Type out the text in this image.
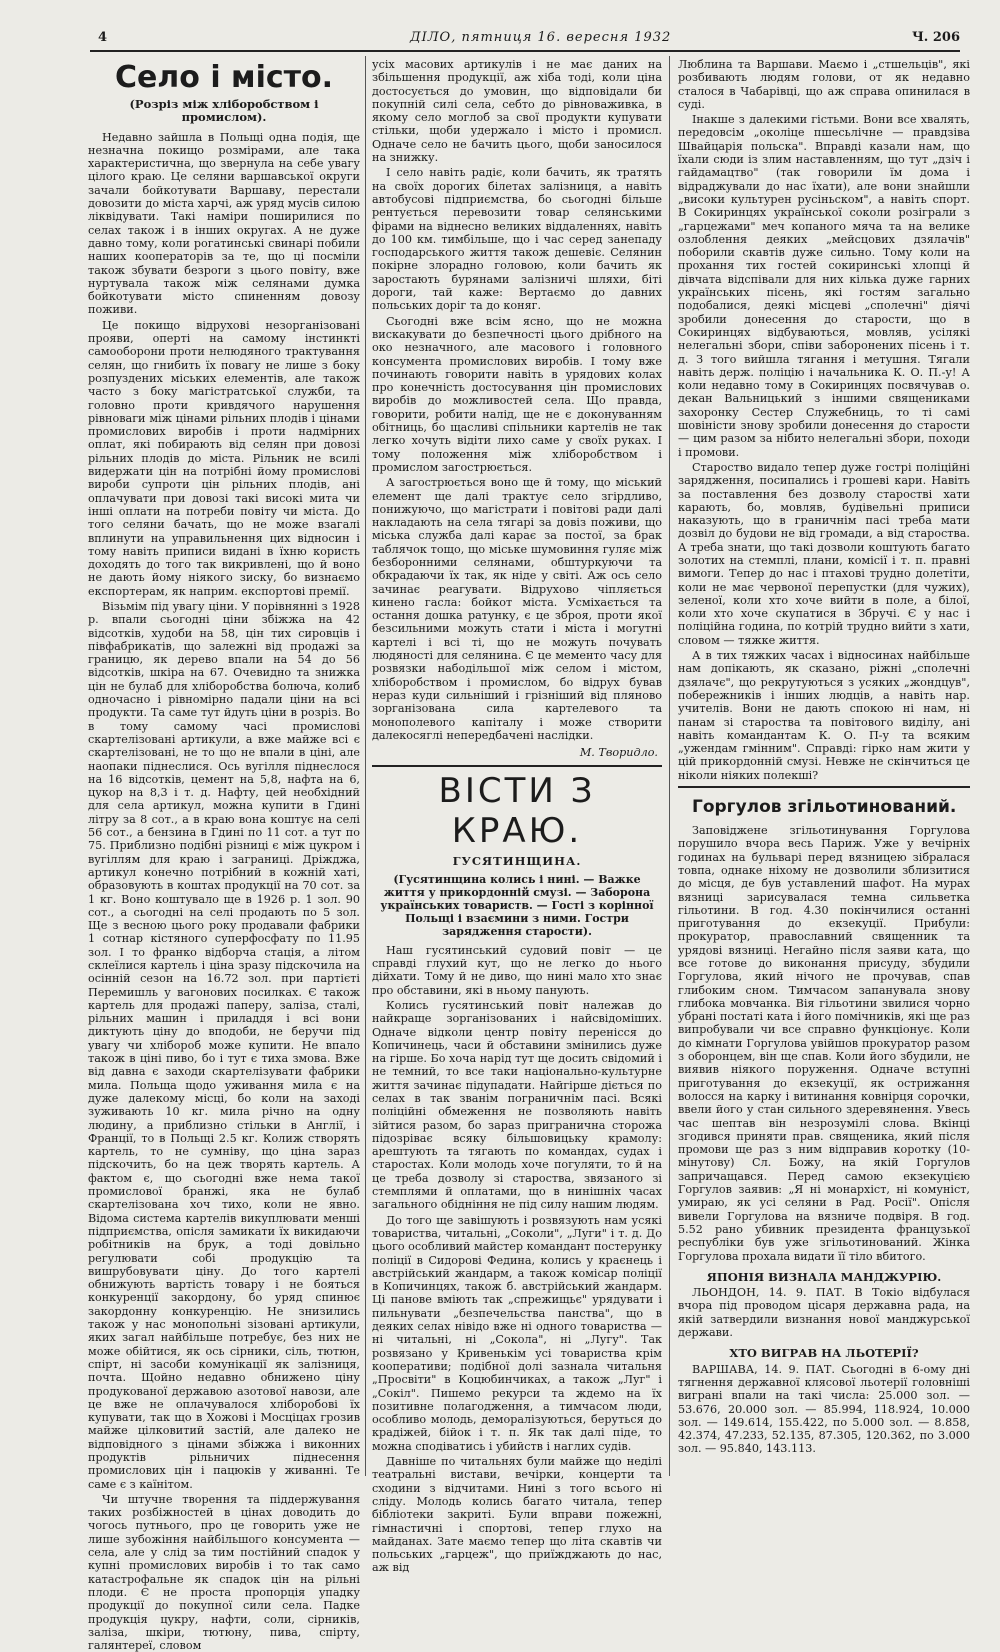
4	ДІЛО, пятниця 16. вересня 1932	Ч. 206
Село і місто.
(Розріз між хліборобством і промислом).

Недавно зайшла в Польщі одна подія, ще незначна покищо розмірами, але така характеристична, що звернула на себе увагу цілого краю. Це селяни варшавської округи зачали бойкотувати Варшаву, перестали довозити до міста харчі, аж уряд мусів силою ліквідувати. Такі наміри поширилися по селах також і в інших округах. А не дуже давно тому, коли рогатинські свинарі побили наших кооператорів за те, що ці посміли також збувати безроги з цього повіту, вже нуртувала також між селянами думка бойкотувати місто спиненням довозу поживи.

Це покищо відрухові незорганізовані прояви, оперті на самому інстинкті самооборони проти нелюдяного трактування селян, що гнибить їх повагу не лише з боку розпуздених міських елементів, але також часто з боку магістратської служби, та головно проти кривдячого нарушення рівноваги між цінами рільних плодів і цінами промислових виробів і проти надмірних оплат, які побирають від селян при довозі рільних плодів до міста. Рільник не всилі видержати цін на потрібні йому промислові вироби супроти цін рільних плодів, ані оплачувати при довозі такі високі мита чи інші оплати на потреби повіту чи міста. До того селяни бачать, що не може взагалі вплинути на управильнення цих відносин і тому навіть приписи видані в їхню користь доходять до того так викривлені, що й воно не дають йому ніякого зиску, бо визнаємо експортерам, як наприм. експортові премії.

Візьмім під увагу ціни. У порівнянні з 1928 р. впали сьогодні ціни збіжжа на 42 відсотків, худоби на 58, цін тих сировців і півфабрикатів, що залежні від продажі за границю, як дерево впали на 54 до 56 відсотків, шкіра на 67. Очевидно та знижка цін не булаб для хліборобства болюча, колиб одночасно і рівномірно падали ціни на всі продукти. Та саме тут йдуть ціни в розріз. Во в тому самому часі промислові скартелізовані артикули, а вже майже всі є скартелізовані, не то що не впали в ціні, але наопаки піднеслися. Ось вугілля піднеслося на 16 відсотків, цемент на 5,8, нафта на 6, цукор на 8,3 і т. д. Нафту, цей необхідний для села артикул, можна купити в Гдині літру за 8 сот., а в краю вона коштує на селі 56 сот., а бензина в Гдині по 11 сот. а тут по 75. Приблизно подібні різниці є між цукром і вугіллям для краю і заграниці. Дріжджа, артикул конечно потрібний в кожній хаті, образовують в коштах продукції на 70 сот. за 1 кг. Воно коштувало ще в 1926 р. 1 зол. 90 сот., а сьогодні на селі продають по 5 зол. Ще з весною цього року продавали фабрики 1 сотнар кістяного суперфосфату по 11.95 зол. І то франко відборча стація, а літом склеїлися картель і ціна зразу підскочила на осінній сезон на 16.72 зол. при партієті Перемишль у вагонових посилках. Є також картель для продажі паперу, заліза, сталі, рільних машин і приладдя і всі вони диктують ціну до вподоби, не беручи під увагу чи хлібороб може купити. Не впало також в ціні пиво, бо і тут є тиха змова. Вже від давна є заходи скартелізувати фабрики мила. Польща щодо уживання мила є на дуже далекому місці, бо коли на заході зуживають 10 кг. мила річно на одну людину, а приблизно стільки в Англії, і Франції, то в Польщі 2.5 кг. Колиж створять картель, то не сумніву, що ціна зараз підскочить, бо на цеж творять картель. А фактом є, що сьогодні вже нема такої промислової бранжі, яка не булаб скартелізована хоч тихо, коли не явно. Відома система картелів викуплювати менші підприємства, опісля замикати їх викидаючи робітників на брук, а тоді довільно регулювати собі продукцію та вишрубовувати ціну. До того картелі обнижують вартість товару і не бояться конкуренції закордону, бо уряд спинює закордонну конкуренцію. Не знизились також у нас монопольні зізовані артикули, яких загал найбільше потребує, без них не може обійтися, як ось сірники, сіль, тютюн, спірт, ні засоби комунікації як залізниця, почта. Щойно недавно обнижено ціну продукованої державою азотової навози, але це вже не оплачувалося хліборобові їх купувати, так що в Хожові і Мосціцах грозив майже цілковитий застій, але далеко не відповідного з цінами збіжжа і виконних продуктів рільничих піднесення промислових цін і пацюків у живанні. Те саме є з каїнітом.

Чи штучне творення та піддержування таких розбіжностей в цінах доводить до чогось путнього, про це говорить уже не лише зубожіння найбільшого консумента — села, але у слід за тим постійний спадок у купні промислових виробів і то так само катастрофальне як спадок цін на рільні плоди. Є не проста пропорція упадку продукції до покупної сили села. Падке продукція цукру, нафти, соли, сірників, заліза, шкіри, тютюну, пива, спірту, галянтереї, словом

усіх масових артикулів і не має даних на збільшення продукції, аж хіба тоді, коли ціна достосується до умовин, що відповідали би покупній силі села, себто до рівноваживка, в якому село моглоб за свої продукти купувати стільки, щоби удержало і місто і промисл. Одначе село не бачить цього, щоби заносилося на знижку.

І село навіть радіє, коли бачить, як тратять на своїх дорогих білетах залізниця, а навіть автобусові підприємства, бо сьогодні більше рентується перевозити товар селянськими фірами на віднесно великих віддаленнях, навіть до 100 км. тимбільше, що і час серед занепаду господарського життя також дешевіє. Селянин покірне злорадно головою, коли бачить як заростають бурянами залізничі шляхи, біті дороги, тай каже: Вертаємо до давних польських доріг та до коняг.

Сьогодні вже всім ясно, що не можна вискакувати до безпечності цього дрібного на око незначного, але масового і головного консумента промислових виробів. І тому вже починають говорити навіть в урядових колах про конечність достосування цін промислових виробів до можливостей села. Що правда, говорити, робити налід, ще не є доконуванням обітниць, бо щасливі спільники картелів не так легко хочуть відіти лихо саме у своїх руках. І тому положення між хліборобством і промислом загострюється.

А загострюється воно ще й тому, що міський елемент ще далі трактує село згірдливо, понижуючо, що магістрати і повітові ради далі накладають на села тягарі за довіз поживи, що міська служба далі карає за постої, за брак таблячок тощо, що міське шумовиння гуляє між безборонними селянами, обштуркуючи та обкрадаючи їх так, як ніде у світі. Аж ось село зачинає реагувати. Відрухово чіпляється кинено гасла: бойкот міста. Усміхається та остання дошка ратунку, є це зброя, проти якої безсильними можуть стати і міста і могутні картелі і всі ті, що не можуть почувать людяності для селянина. Є це мементо часу для розвязки набодільшої між селом і містом, хліборобством і промислом, бо відрух бував нераз куди сильніший і грізніший від пляново зорганізована сила картелевого та монополевого капіталу і може створити далекосяглі непередбачені наслідки.

М. Творидло.
ВІСТИ З КРАЮ.
ГУСЯТИНЩИНА.
(Гусятинщина колись і нині. — Важке життя у прикордонній смузі. — Заборона українських товариств. — Гості з корінної Польщі і взаємини з ними. Гостри зарядження старости).

Наш гусятинський судовий повіт — це справді глухий кут, що не легко до нього дійхати. Тому й не диво, що нині мало хто знає про обставини, які в ньому панують.

Колись гусятинський повіт належав до найкраще зорганізованих і найсвідоміших. Одначе відколи центр повіту перенісся до Копичинець, часи й обставини змінились дуже на гірше. Бо хоча нарід тут ще досить свідомий і не темний, то все таки національно-культурне життя зачинає підупадати. Найгірше діється по селах в так званім пограничнім пасі. Всякі поліційні обмеження не позволяють навіть зійтися разом, бо зараз пригранична сторожа підозріває всяку більшовицьку крамолу: арештують та тягають по командах, судах і старостах. Коли молодь хоче погуляти, то й на це треба дозволу зі староства, звязаного зі стемплями й оплатами, що в нинішніх часах загального обідніння не під силу нашим людям.

До того ще завішують і розвязують нам усякі товариства, читальні, „Соколи", „Луги" і т. д. До цього особливий майстер командант постерунку поліції в Сидорові Федина, колись у краєнець і австрійський жандарм, а також комісар поліції в Копичинцях, також б. австрійський жандарм. Ці панове вміють так „спрежищьє" урядувати і пильнувати „безпечельства панства", що в деяких селах нівідо вже ні одного товариства — ні читальні, ні „Сокола", ні „Лугу". Так розвязано у Кривенькім усі товариства крім кооперативи; подібної долі зазнала читальня „Просвіти" в Коцюбинчиках, а також „Луг" і „Сокіл". Пишемо рекурси та ждемо на їх позитивне полагодження, а тимчасом люди, особливо молодь, деморалізуються, беруться до крадіжей, бійок і т. п. Як так далі піде, то можна сподіватись і убийств і наглих судів.

Давніше по читальнях були майже що неділі театральні вистави, вечірки, концерти та сходини з відчитами. Нині з того всього ні сліду. Молодь колись багато читала, тепер бібліотеки закриті. Були вправи пожежні, гімнастичні і спортові, тепер глухо на майданах. Зате маємо тепер що літа скавтів чи польських „гарцеж", що приїжджають до нас, аж від

Люблина та Варшави. Маємо і „стшельців", які розбивають людям голови, от як недавно сталося в Чабарівці, що аж справа опинилася в суді.

Інакше з далекими гістьми. Вони все хвалять, передовсім „околіце пшесьлічне — правдзіва Швайцарія польска". Вправді казали нам, що їхали сюди із злим наставленням, що тут „дзіч і гайдамацтво" (так говорили їм дома і відраджували до нас їхати), але вони знайшли „високи культурен русіньском", а навіть спорт. В Сокиринцях української соколи розіграли з „гарцежами" меч копаного мяча та на велике озлоблення деяких „мейсцових дзялачів" поборили скавтів дуже сильно. Тому коли на прохання тих гостей сокиринські хлопці й дівчата відспівали для них кілька дуже гарних українських пісень, які гостям загально подобалися, деякі місцеві „сполечні" діячі зробили донесення до старости, що в Сокиринцях відбуваються, мовляв, усілякі нелегальні збори, співи заборонених пісень і т. д. З того вийшла тягання і метушня. Тягали навіть держ. поліцію і начальника К. О. П.-у! А коли недавно тому в Сокиринцях посвячував о. декан Вальницький з іншими священиками захоронку Сестер Служебниць, то ті самі шовіністи знову зробили донесення до старости — цим разом за нібито нелегальні збори, походи і промови.

Староство видало тепер дуже гострі поліційні зарядження, посипались і грошеві кари. Навіть за поставлення без дозволу старостві хати карають, бо, мовляв, будівельні приписи наказують, що в граничнім пасі треба мати дозвіл до будови не від громади, а від староства. А треба знати, що такі дозволи коштують багато золотих на стемплі, плани, комісії і т. п. правні вимоги. Тепер до нас і птахові трудно долетіти, коли не має червоної перепустки (для чужих), зеленої, коли хто хоче вийти в поле, а білої, коли хто хоче скупатися в Збручі. Є у нас і поліційна година, по котрій трудно вийти з хати, словом — тяжке життя.

А в тих тяжких часах і відносинах найбільше нам допікають, як сказано, ріжні „сполечні дзялачє", що рекрутуються з усяких „жондцув", побережників і інших людців, а навіть нар. учителів. Вони не дають спокою ні нам, ні панам зі староства та повітового виділу, ані навіть командантам К. О. П-у та всяким „ужендам гмінним". Справді: гірко нам жити у цій прикордонній смузі. Невже не скінчиться це ніколи ніяких полекші?

Горгулов згільотинований.

Заповіджене згільотинування Горгулова порушило вчора весь Париж. Уже у вечірніх годинах на бульварі перед вязницею зібралася товпа, однаке ніхому не дозволили зблизитися до місця, де був уставлений шафот. На мурах вязниці зарисувалася темна сильветка гільотини. В год. 4.30 покінчилися останні приготування до екзекуції. Прибули: прокуратор, православний священник та урядові вязниці. Негайно після заяви ката, що все готове до виконання присуду, збудили Горгулова, який нічого не прочував, спав глибоким сном. Тимчасом запанувала знову глибока мовчанка. Вія гільотини звилися чорно убрані постаті ката і його помічників, які ще раз випробували чи все справно функціонує. Коли до кімнати Горгулова увійшов прокуратор разом з оборонцем, він ще спав. Коли його збудили, не виявив ніякого поруження. Одначе вступні приготування до екзекуції, як острижання волосся на карку і витинання ковнірця сорочки, ввели його у стан сильного здеревянення. Увесь час шептав він незрозумілі слова. Вкінці згодився приняти прав. священика, який після промови ще раз з ним відправив коротку (10-мінутову) Сл. Божу, на якій Горгулов запричащався. Перед самою екзекуцією Горгулов заявив: „Я ні монархіст, ні комуніст, умираю, як усі селяни в Рад. Росії". Опісля вивели Горгулова на вязниче подвіря. В год. 5.52 рано убивник президента французької республіки був уже згільотинований. Жінка Горгулова прохала видати її тіло вбитого.

ЯПОНІЯ ВИЗНАЛА МАНДЖУРІЮ.

ЛЬОНДОН, 14. 9. ПАТ. В Токіо відбулася вчора під проводом цісаря державна рада, на якій затвердили визнання нової манджурської держави.

ХТО ВИГРАВ НА ЛЬОТЕРІЇ?

ВАРШАВА, 14. 9. ПАТ. Сьогодні в 6-ому дні тягнення державної клясової льотерії головніші виграні впали на такі числа: 25.000 зол. — 53.676, 20.000 зол. — 85.994, 118.924, 10.000 зол. — 149.614, 155.422, по 5.000 зол. — 8.858, 42.374, 47.233, 52.135, 87.305, 120.362, по 3.000 зол. — 95.840, 143.113.
